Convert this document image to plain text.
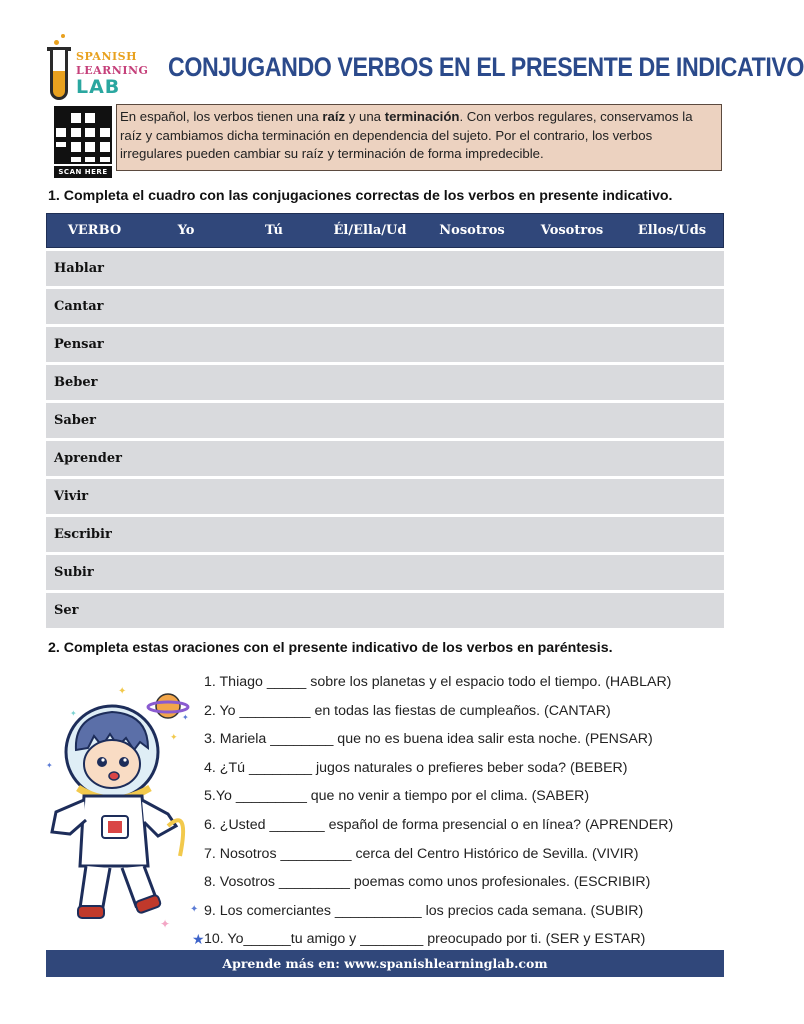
SPANISH
LEARNING
LAB
CONJUGANDO VERBOS EN EL PRESENTE DE INDICATIVO
SCAN HERE
En español, los verbos tienen una raíz y una terminación. Con verbos regulares, conservamos la raíz y cambiamos dicha terminación en dependencia del sujeto. Por el contrario, los verbos irregulares pueden cambiar su raíz y terminación de forma impredecible.
1. Completa el cuadro con las conjugaciones correctas de los verbos en presente indicativo.
VERBO	Yo	Tú	Él/Ella/Ud	Nosotros	Vosotros	Ellos/Uds
Hablar
Cantar
Pensar
Beber
Saber
Aprender
Vivir
Escribir
Subir
Ser
2. Completa estas oraciones con el presente indicativo de los verbos en paréntesis.
✦
✦
✦
✦
✦
✦
✦
★
1. Thiago _____ sobre los planetas y el espacio todo el tiempo. (HABLAR)
2. Yo _________ en todas las fiestas de cumpleaños. (CANTAR)
3. Mariela ________ que no es buena idea salir esta noche. (PENSAR)
4. ¿Tú ________ jugos naturales o prefieres beber soda? (BEBER)
5.Yo _________ que no venir a tiempo por el clima. (SABER)
6. ¿Usted _______ español de forma presencial o en línea? (APRENDER)
7. Nosotros _________ cerca del Centro Histórico de Sevilla. (VIVIR)
8. Vosotros _________ poemas como unos profesionales. (ESCRIBIR)
9. Los comerciantes ___________ los precios cada semana. (SUBIR)
10. Yo______tu amigo y ________ preocupado por ti. (SER y ESTAR)
Aprende más en: www.spanishlearninglab.com
